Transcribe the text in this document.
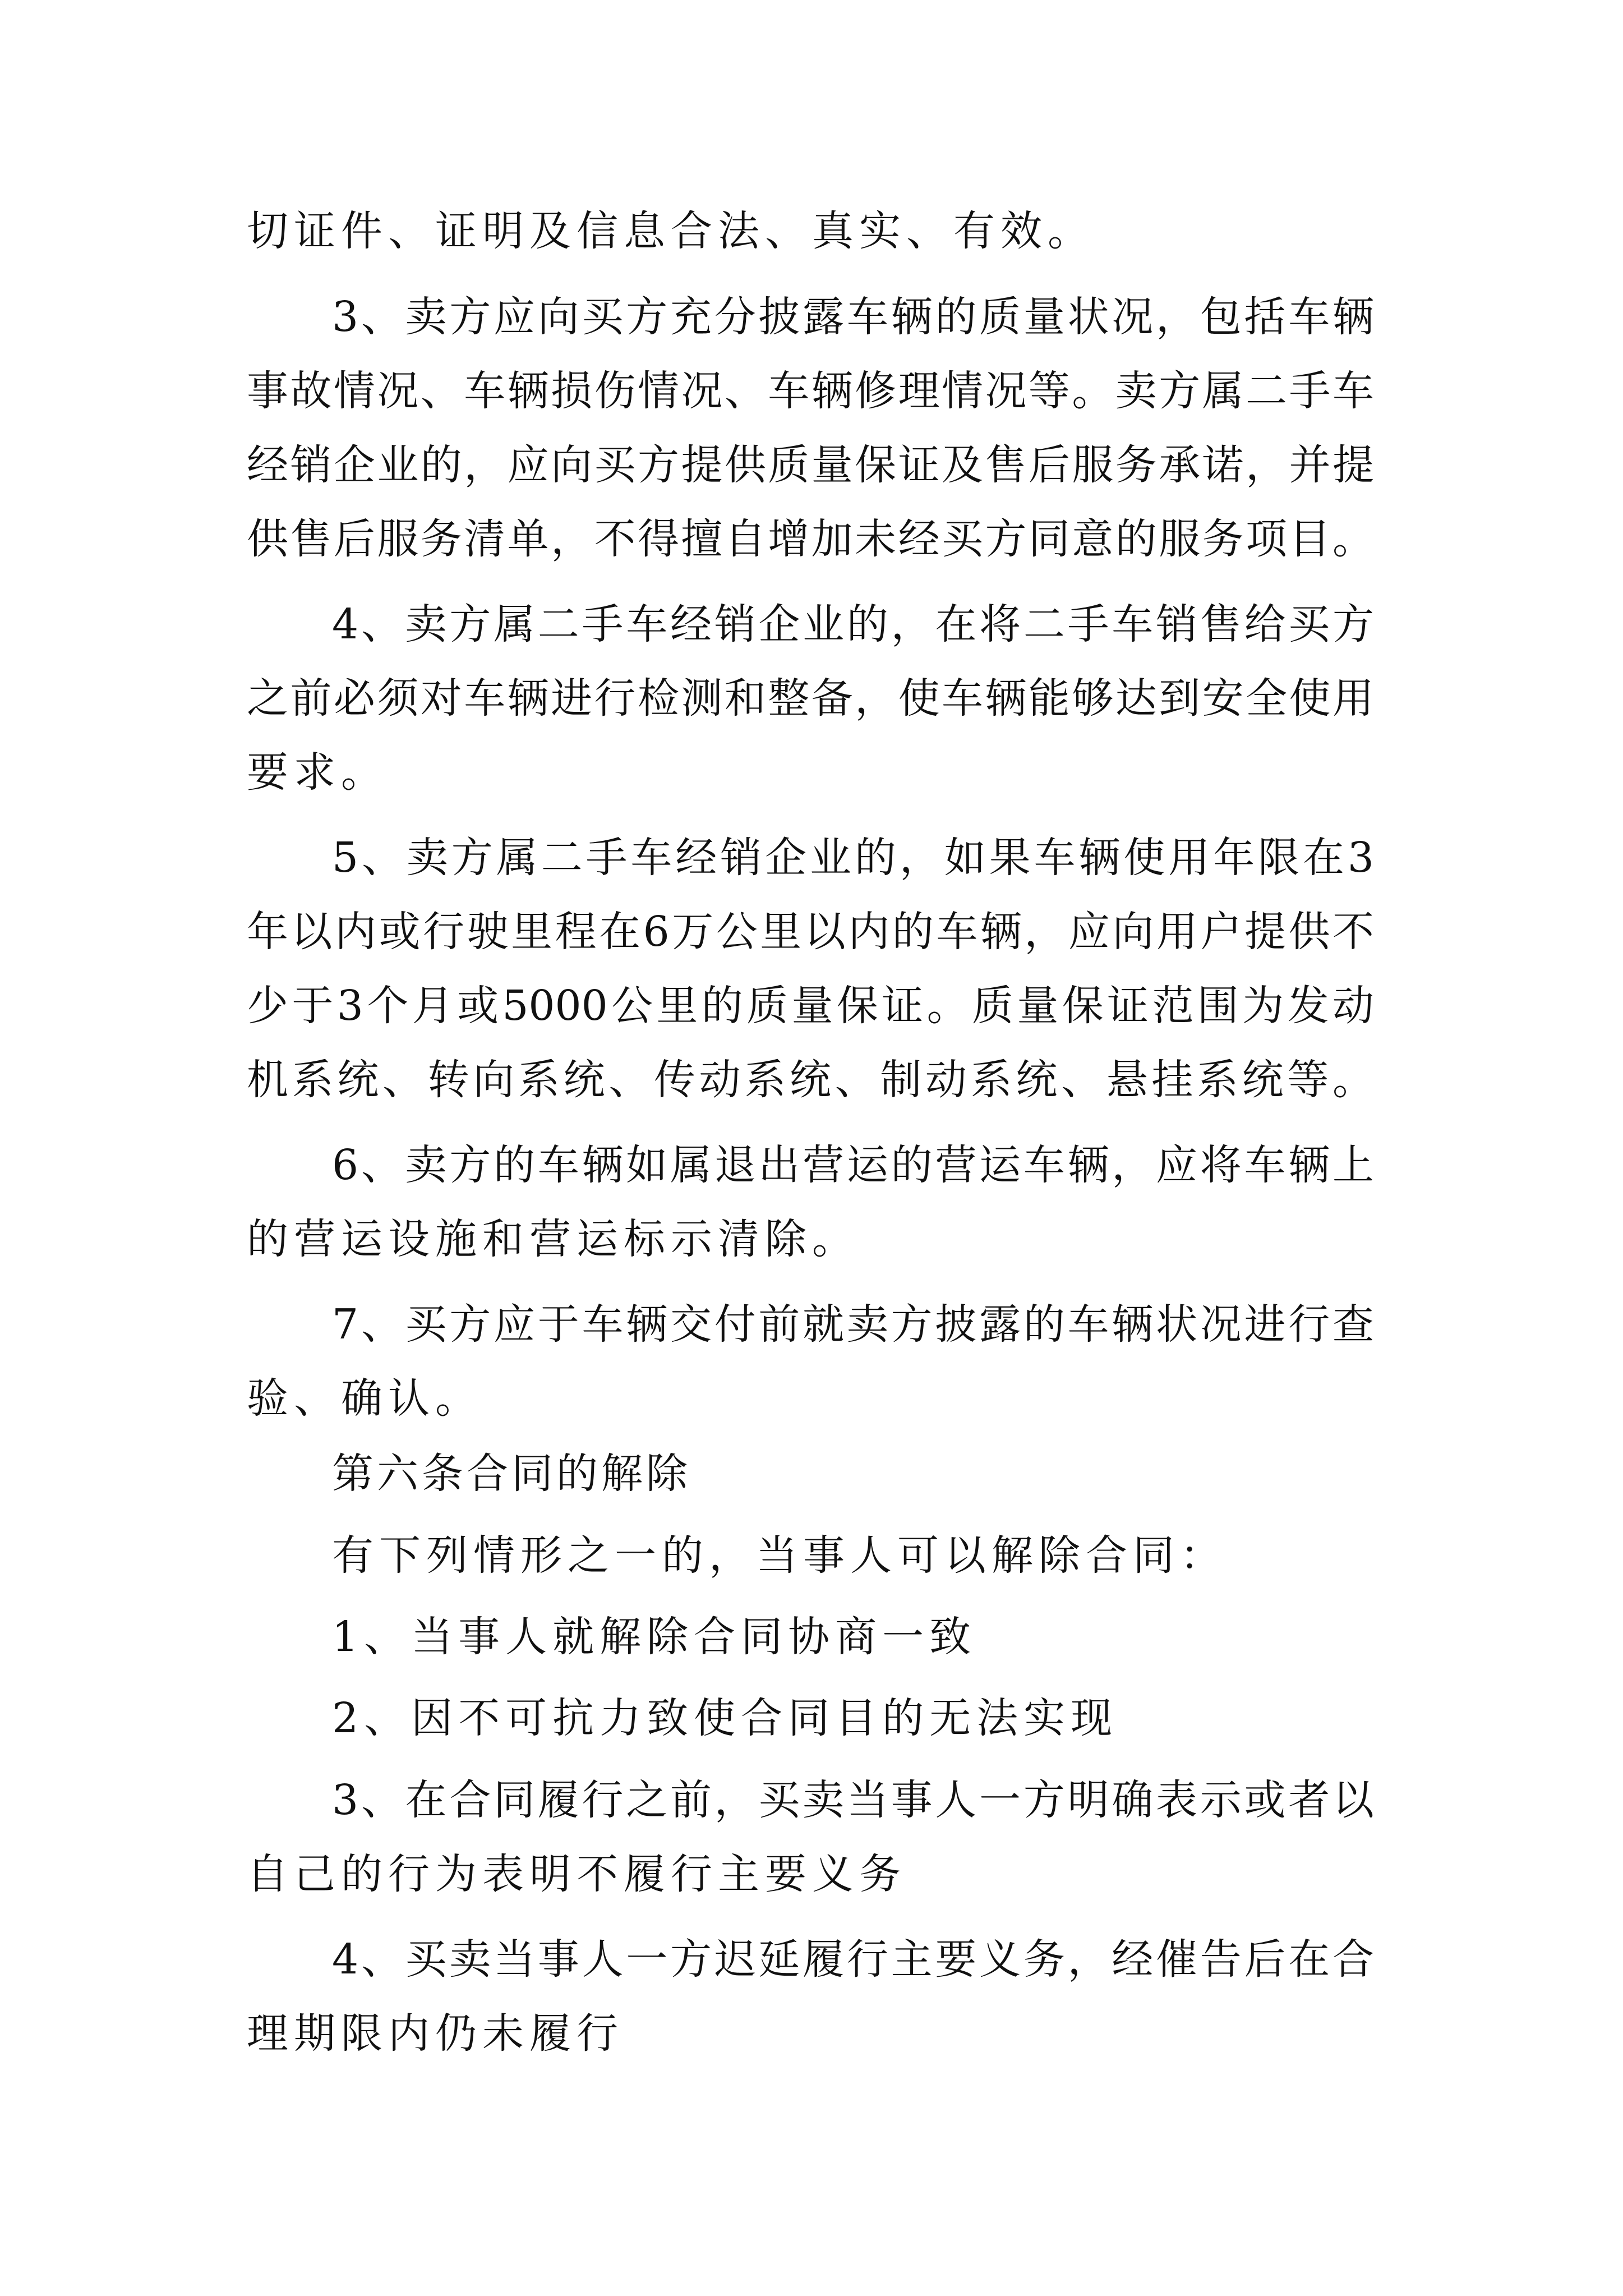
切证件、证明及信息合法、真实、有效。
3、卖方应向买方充分披露车辆的质量状况，包括车辆
事故情况、车辆损伤情况、车辆修理情况等。卖方属二手车
经销企业的，应向买方提供质量保证及售后服务承诺，并提
供售后服务清单，不得擅自增加未经买方同意的服务项目。
4、卖方属二手车经销企业的，在将二手车销售给买方
之前必须对车辆进行检测和整备，使车辆能够达到安全使用
要求。
5、卖方属二手车经销企业的，如果车辆使用年限在3
年以内或行驶里程在6万公里以内的车辆，应向用户提供不
少于3个月或5000公里的质量保证。质量保证范围为发动
机系统、转向系统、传动系统、制动系统、悬挂系统等。
6、卖方的车辆如属退出营运的营运车辆，应将车辆上
的营运设施和营运标示清除。
7、买方应于车辆交付前就卖方披露的车辆状况进行查
验、确认。
第六条合同的解除
有下列情形之一的，当事人可以解除合同：
1、当事人就解除合同协商一致
2、因不可抗力致使合同目的无法实现
3、在合同履行之前，买卖当事人一方明确表示或者以
自己的行为表明不履行主要义务
4、买卖当事人一方迟延履行主要义务，经催告后在合
理期限内仍未履行
